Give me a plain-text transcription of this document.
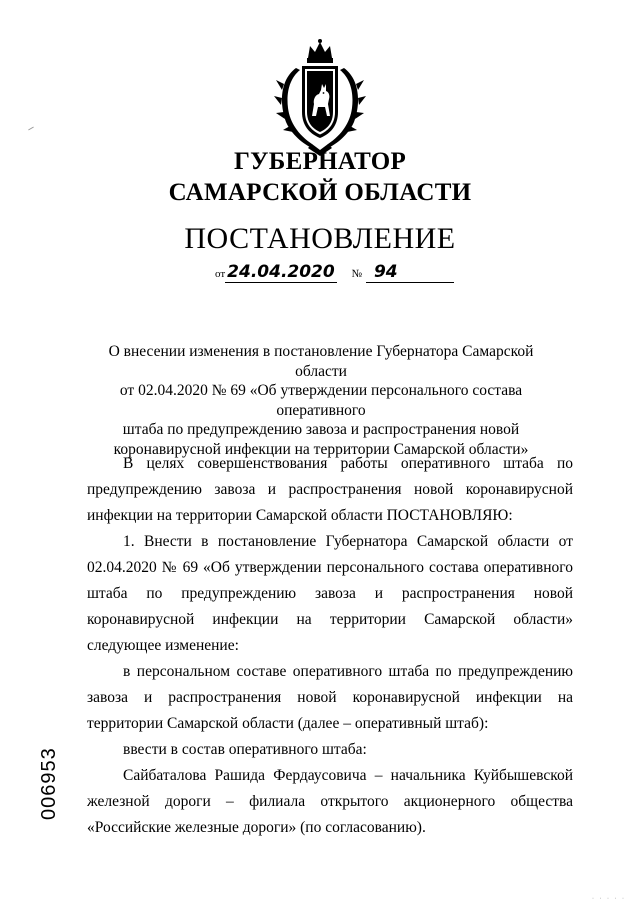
ГУБЕРНАТОР
САМАРСКОЙ ОБЛАСТИ
ПОСТАНОВЛЕНИЕ
от 24.04.2020 № 94
О внесении изменения в постановление Губернатора Самарской области
от 02.04.2020 № 69 «Об утверждении персонального состава оперативного
штаба по предупреждению завоза и распространения новой
коронавирусной инфекции на территории Самарской области»

В целях совершенствования работы оперативного штаба по предупреждению завоза и распространения новой коронавирусной инфекции на территории Самарской области ПОСТАНОВЛЯЮ:

1. Внести в постановление Губернатора Самарской области от 02.04.2020 № 69 «Об утверждении персонального состава оперативного штаба по предупреждению завоза и распространения новой коронавирусной инфекции на территории Самарской области» следующее изменение:

в персональном составе оперативного штаба по предупреждению завоза и распространения новой коронавирусной инфекции на территории Самарской области (далее – оперативный штаб):

ввести в состав оперативного штаба:

Сайбаталова Рашида Фердаусовича – начальника Куйбышевской железной дороги – филиала открытого акционерного общества «Российские железные дороги» (по согласованию).

006953
· · · · ·
